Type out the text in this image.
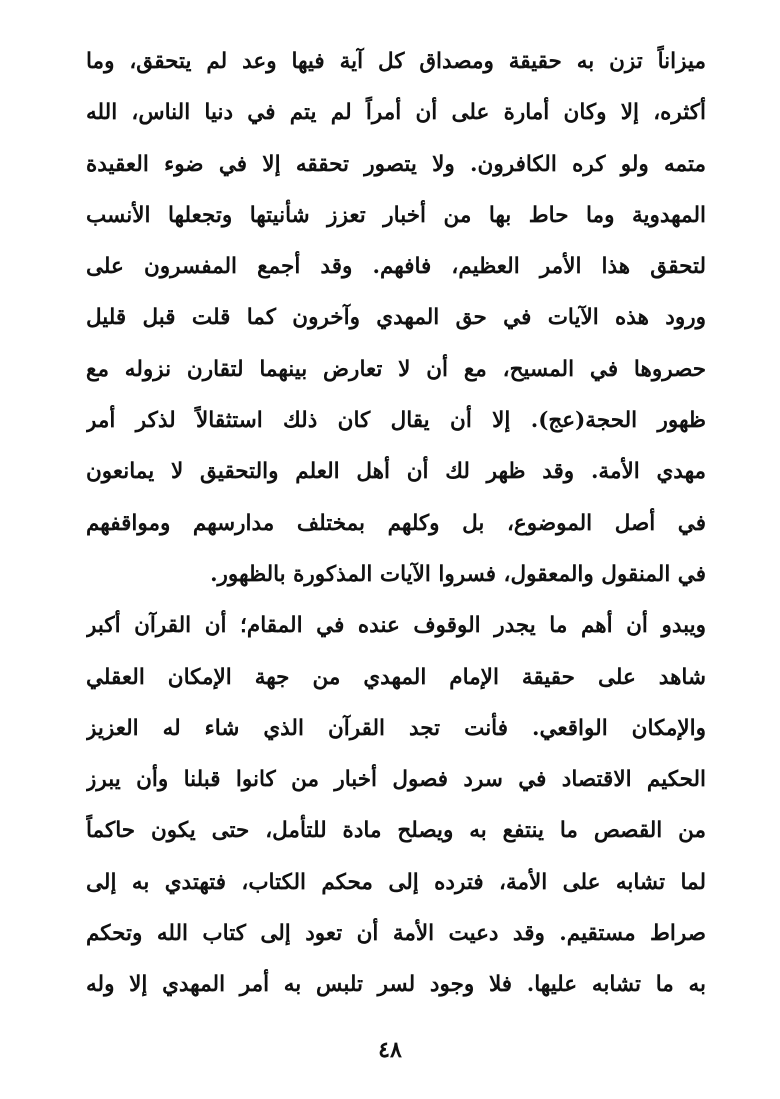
ميزاناً تزن به حقيقة ومصداق كل آية فيها وعد لم يتحقق، وما
أكثره، إلا وكان أمارة على أن أمراً لم يتم في دنيا الناس، الله
متمه ولو كره الكافرون. ولا يتصور تحققه إلا في ضوء العقيدة
المهدوية وما حاط بها من أخبار تعزز شأنيتها وتجعلها الأنسب
لتحقق هذا الأمر العظيم، فافهم. وقد أجمع المفسرون على
ورود هذه الآيات في حق المهدي وآخرون كما قلت قبل قليل
حصروها في المسيح، مع أن لا تعارض بينهما لتقارن نزوله مع
ظهور الحجة(عج). إلا أن يقال كان ذلك استثقالاً لذكر أمر
مهدي الأمة. وقد ظهر لك أن أهل العلم والتحقيق لا يمانعون
في أصل الموضوع، بل وكلهم بمختلف مدارسهم ومواقفهم
في المنقول والمعقول، فسروا الآيات المذكورة بالظهور.
ويبدو أن أهم ما يجدر الوقوف عنده في المقام؛ أن القرآن أكبر
شاهد على حقيقة الإمام المهدي من جهة الإمكان العقلي
والإمكان الواقعي. فأنت تجد القرآن الذي شاء له العزيز
الحكيم الاقتصاد في سرد فصول أخبار من كانوا قبلنا وأن يبرز
من القصص ما ينتفع به ويصلح مادة للتأمل، حتى يكون حاكماً
لما تشابه على الأمة، فترده إلى محكم الكتاب، فتهتدي به إلى
صراط مستقيم. وقد دعيت الأمة أن تعود إلى كتاب الله وتحكم
به ما تشابه عليها. فلا وجود لسر تلبس به أمر المهدي إلا وله
٤٨
